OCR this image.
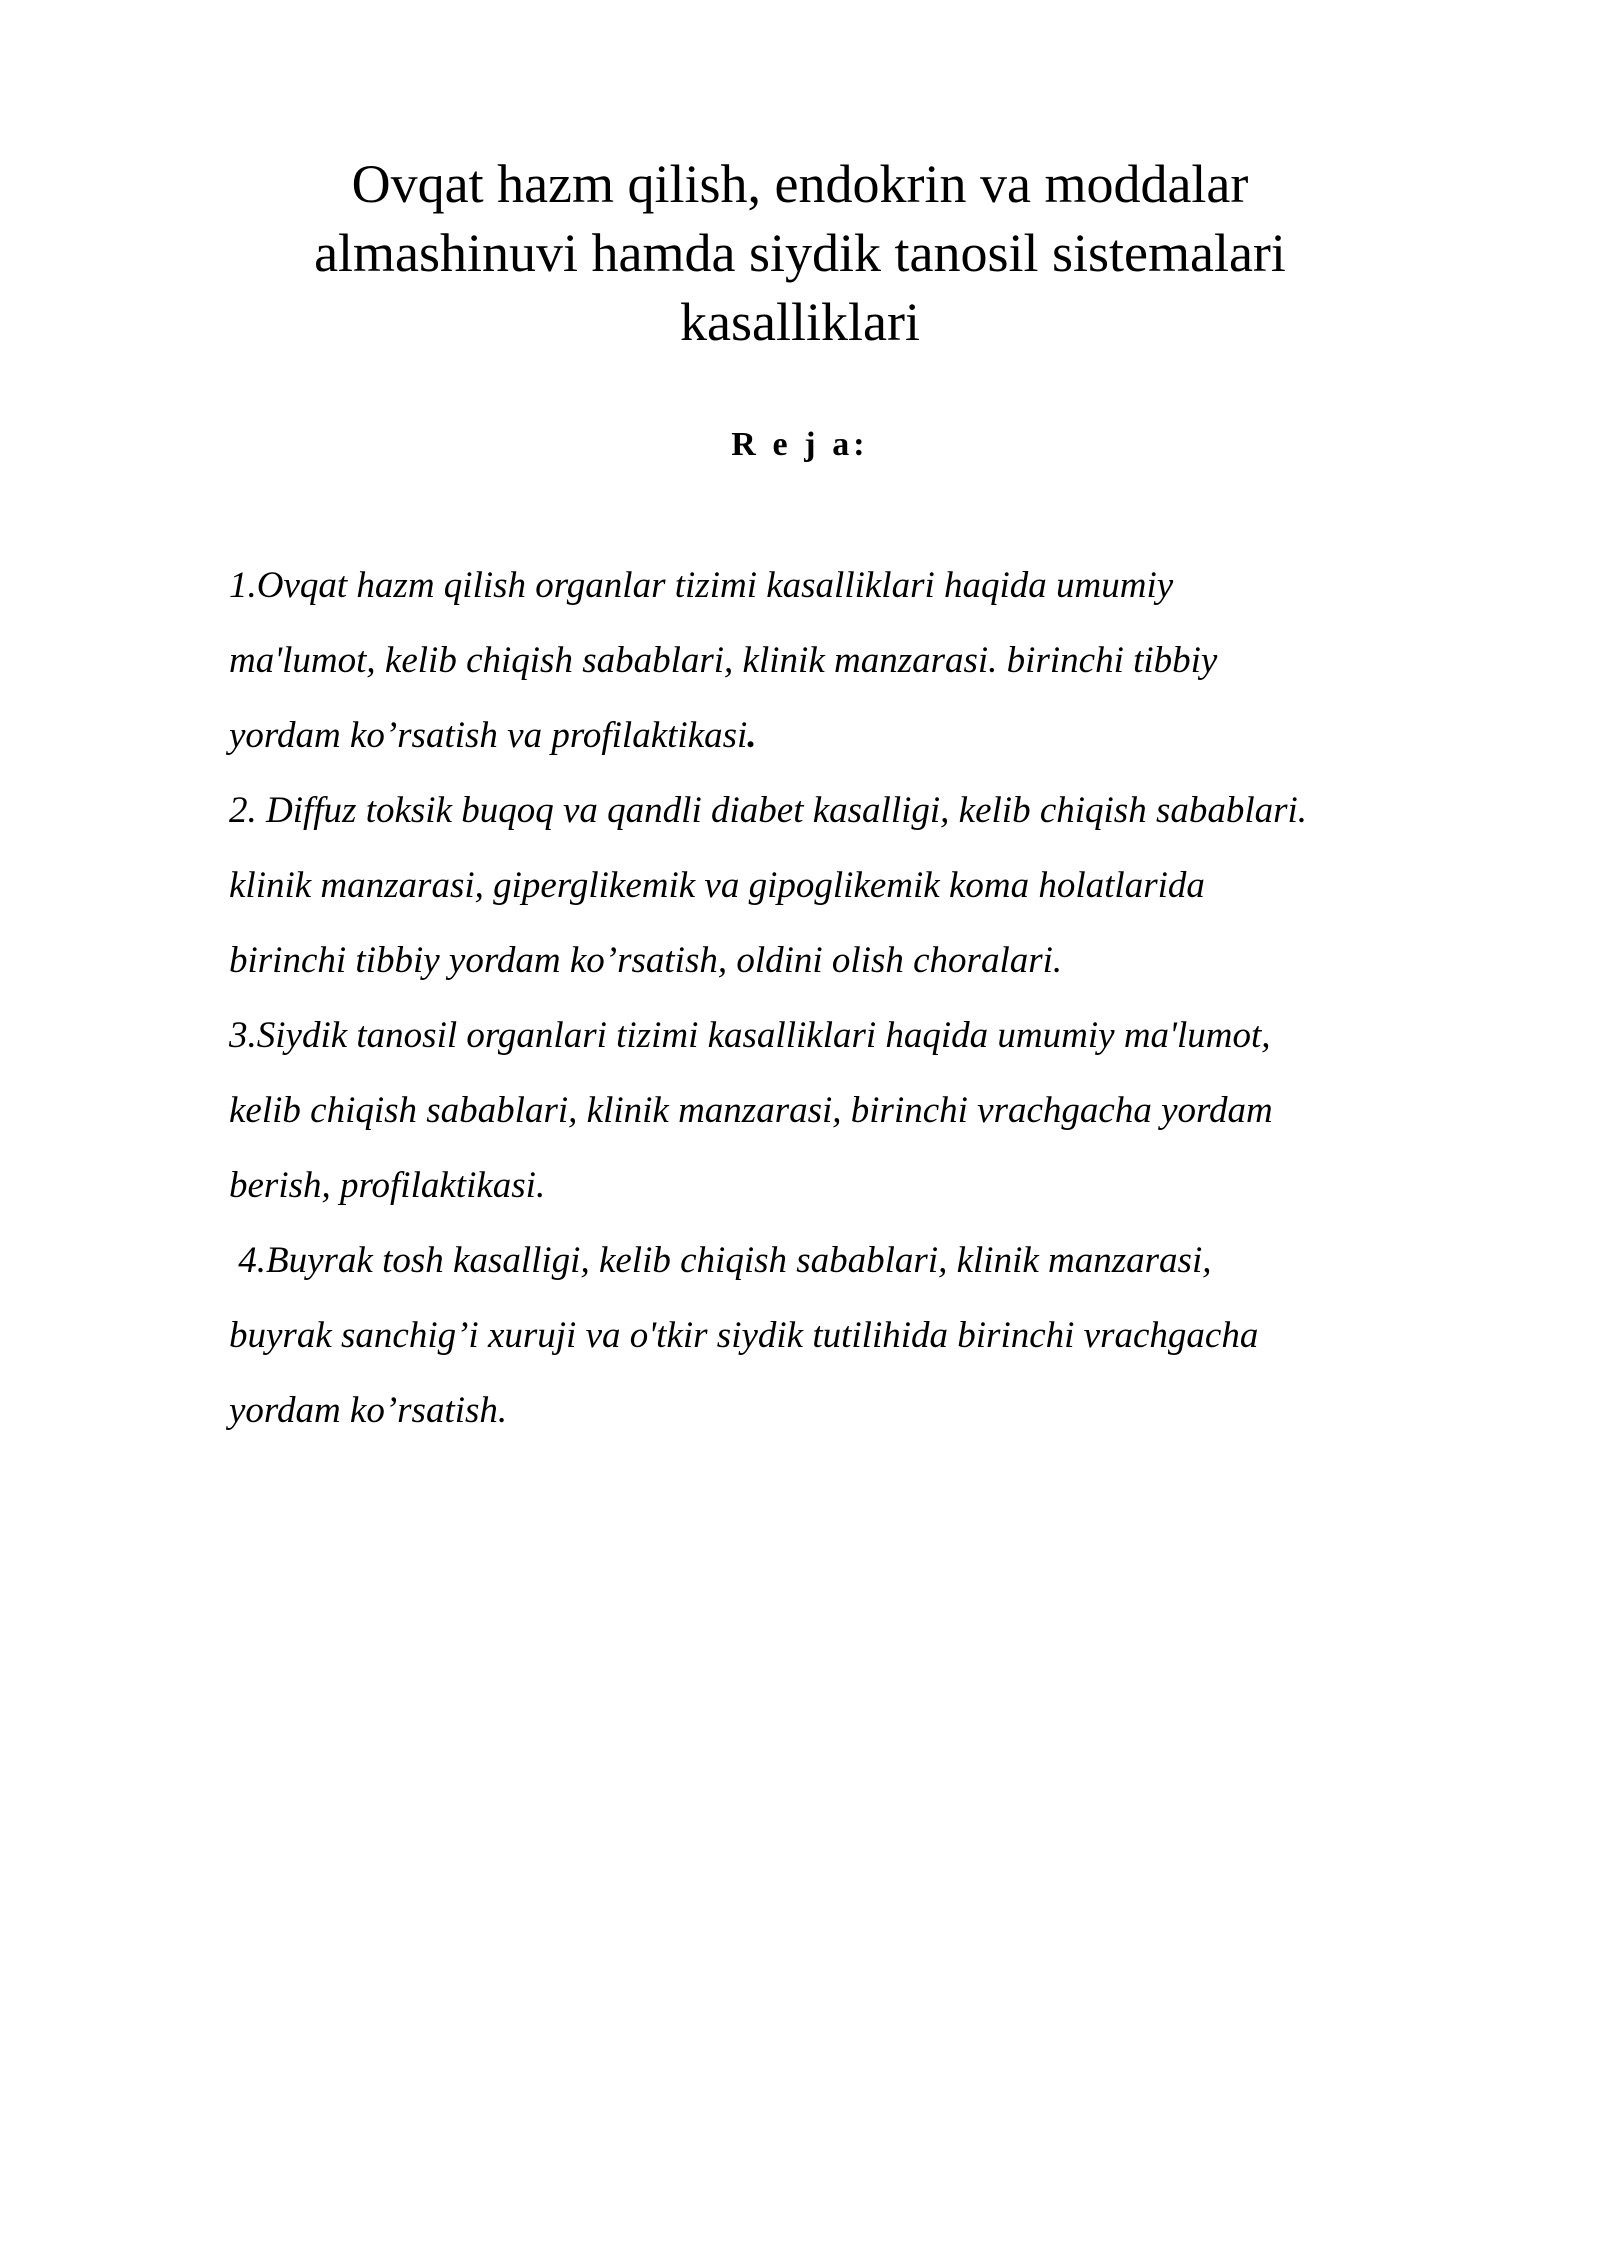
Ovqat hazm qilish, endokrin va moddalar
almashinuvi hamda siydik tanosil sistemalari
kasalliklari
R e j a:
1.Ovqat hazm qilish organlar tizimi kasalliklari haqida umumiy
ma'lumot, kelib chiqish sabablari, klinik manzarasi. birinchi tibbiy
yordam ko’rsatish va profilaktikasi.
2. Diffuz toksik buqoq va qandli diabet kasalligi, kelib chiqish sabablari.
klinik manzarasi, giperglikemik va gipoglikemik koma holatlarida
birinchi tibbiy yordam ko’rsatish, oldini olish choralari.
3.Siydik tanosil organlari tizimi kasalliklari haqida umumiy ma'lumot,
kelib chiqish sabablari, klinik manzarasi, birinchi vrachgacha yordam
berish, profilaktikasi.
4.Buyrak tosh kasalligi, kelib chiqish sabablari, klinik manzarasi,
buyrak sanchig’i xuruji va o'tkir siydik tutilihida birinchi vrachgacha
yordam ko’rsatish.
